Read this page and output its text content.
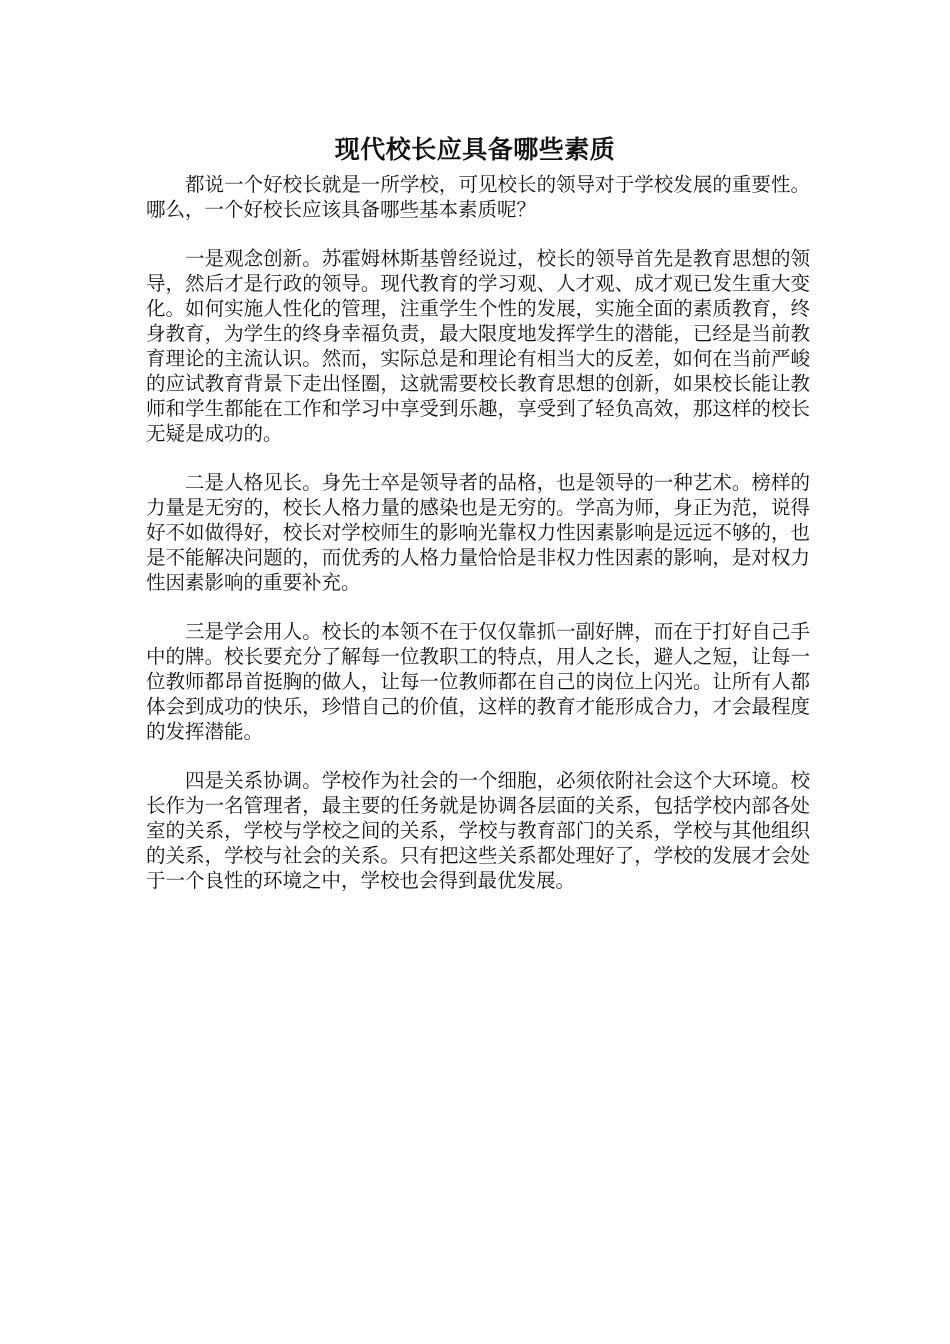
现代校长应具备哪些素质

都说一个好校长就是一所学校，可见校长的领导对于学校发展的重要性。哪么，一个好校长应该具备哪些基本素质呢？

一是观念创新。苏霍姆林斯基曾经说过，校长的领导首先是教育思想的领导，然后才是行政的领导。现代教育的学习观、人才观、成才观已发生重大变化。如何实施人性化的管理，注重学生个性的发展，实施全面的素质教育，终身教育，为学生的终身幸福负责，最大限度地发挥学生的潜能，已经是当前教育理论的主流认识。然而，实际总是和理论有相当大的反差，如何在当前严峻的应试教育背景下走出怪圈，这就需要校长教育思想的创新，如果校长能让教师和学生都能在工作和学习中享受到乐趣，享受到了轻负高效，那这样的校长无疑是成功的。

二是人格见长。身先士卒是领导者的品格，也是领导的一种艺术。榜样的力量是无穷的，校长人格力量的感染也是无穷的。学高为师，身正为范，说得好不如做得好，校长对学校师生的影响光靠权力性因素影响是远远不够的，也是不能解决问题的，而优秀的人格力量恰恰是非权力性因素的影响，是对权力性因素影响的重要补充。

三是学会用人。校长的本领不在于仅仅靠抓一副好牌，而在于打好自己手中的牌。校长要充分了解每一位教职工的特点，用人之长，避人之短，让每一位教师都昂首挺胸的做人，让每一位教师都在自己的岗位上闪光。让所有人都体会到成功的快乐，珍惜自己的价值，这样的教育才能形成合力，才会最程度的发挥潜能。

四是关系协调。学校作为社会的一个细胞，必须依附社会这个大环境。校长作为一名管理者，最主要的任务就是协调各层面的关系，包括学校内部各处室的关系，学校与学校之间的关系，学校与教育部门的关系，学校与其他组织的关系，学校与社会的关系。只有把这些关系都处理好了，学校的发展才会处于一个良性的环境之中，学校也会得到最优发展。
